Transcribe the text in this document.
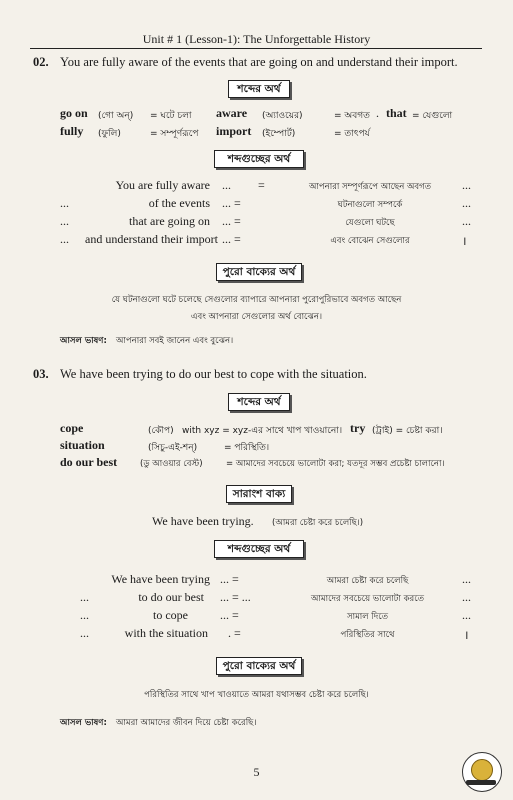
Unit # 1 (Lesson-1): The Unforgettable History
02. You are fully aware of the events that are going on and understand their import.
শব্দের অর্থ
go on (গো অন্) = ঘটে চলা aware (অ্যাওয়ের)	= অবগত . that = যেগুলো
fully (ফুলি)	= সম্পূর্ণরূপে import (ইম্পোর্ট)	= তাৎপর্য
শব্দগুচ্ছের অর্থ
You are fully aware ... =	আপনারা সম্পূর্ণরূপে আছেন অবগত	...
...	of the events ... =	ঘটনাগুলো সম্পর্কে	...
...	that are going on ... =	যেগুলো ঘটছে	...
...	and understand their import ... =	এবং বোঝেন সেগুলোর	।
পুরো বাক্যের অর্থ
যে ঘটনাগুলো ঘটে চলেছে সেগুলোর ব্যাপারে আপনারা পুরোপুরিভাবে অবগত আছেন
এবং আপনারা সেগুলোর অর্থ বোঝেন।
আসল ভাষণ: আপনারা সবই জানেন এবং বুঝেন।
03. We have been trying to do our best to cope with the situation.
শব্দের অর্থ
cope	(কৌপ) with xyz = xyz-এর সাথে খাপ খাওয়ানো। try (ট্রাই) = চেষ্টা করা।
situation	(সিচু-এই-শন্)	= পরিস্থিতি।
do our best	(ডু আওয়ার বেস্ট)	= আমাদের সবচেয়ে ভালোটা করা; যতদূর সম্ভব প্রচেষ্টা চালানো।
সারাংশ বাক্য
We have been trying. (আমরা চেষ্টা করে চলেছি।)
শব্দগুচ্ছের অর্থ
We have been trying ... =	আমরা চেষ্টা করে চলেছি	...
...	to do our best ... = ...	আমাদের সবচেয়ে ভালোটা করতে	...
...	to cope	... =	সামাল দিতে	...
...	with the situation . =	পরিস্থিতির সাথে	।
পুরো বাক্যের অর্থ
পরিস্থিতির সাথে খাপ খাওয়াতে আমরা যথাসম্ভব চেষ্টা করে চলেছি।
আসল ভাষণ: আমরা আমাদের জীবন দিয়ে চেষ্টা করেছি।
5
